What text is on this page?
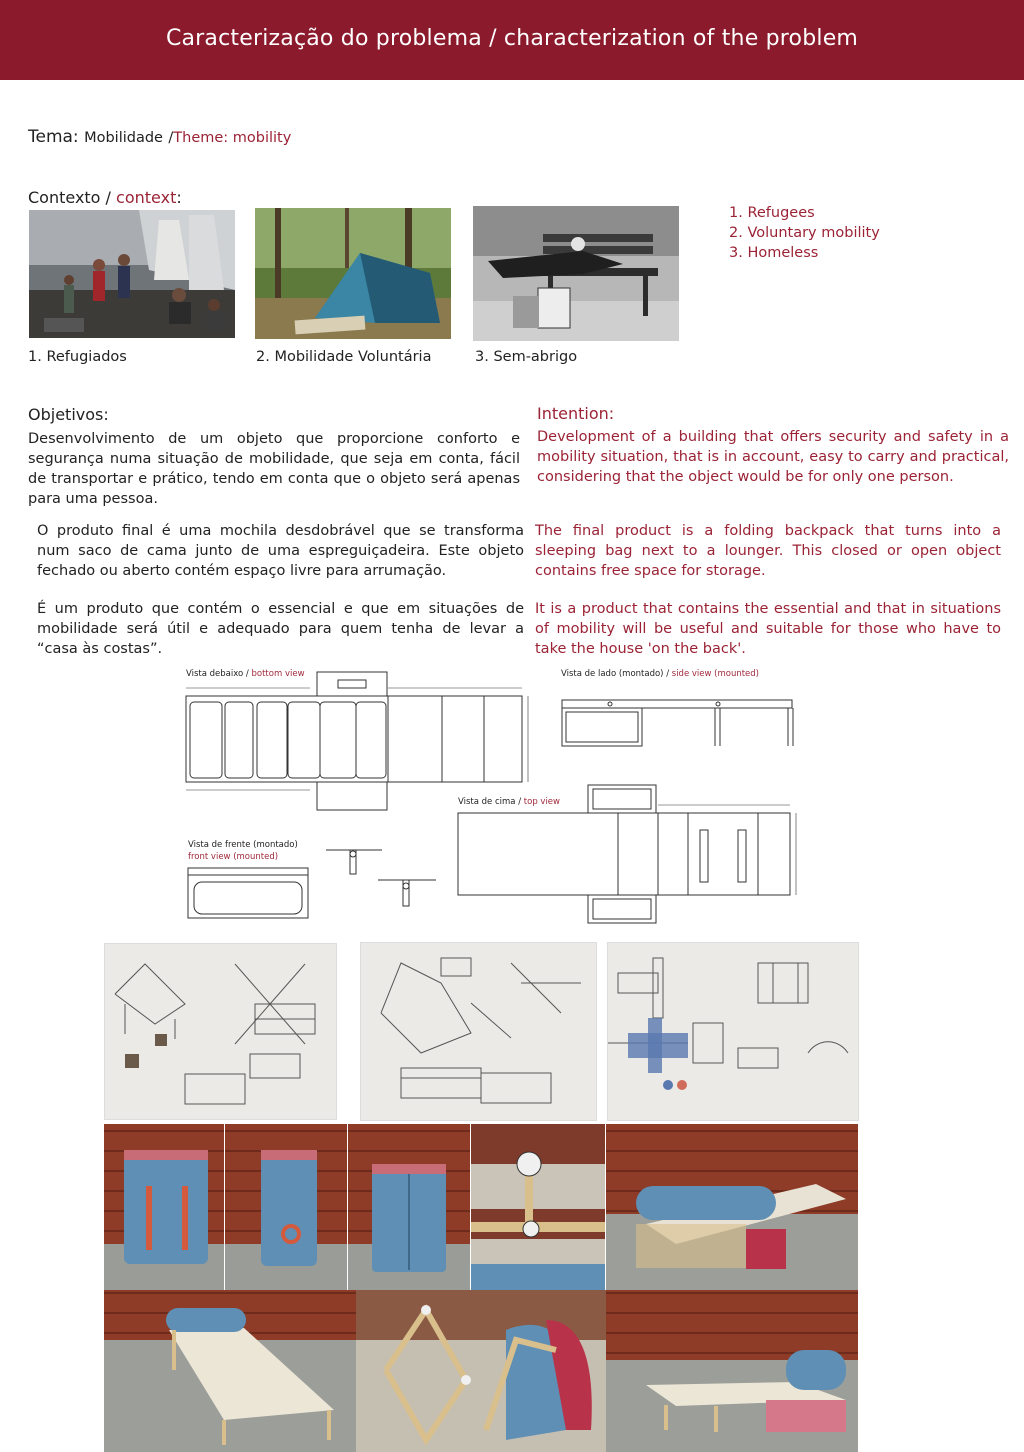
Caracterização do problema / characterization of the problem
Tema: Mobilidade /Theme: mobility
Contexto / context:
1. Refugiados	2. Mobilidade Voluntária	3. Sem-abrigo
1. Refugees
2. Voluntary mobility
3. Homeless
Objetivos:
Desenvolvimento de um objeto que proporcione conforto e segurança numa situação de mobilidade, que seja em conta, fácil de transportar e prático, tendo em conta que o objeto será apenas para uma pessoa.
Intention:
Development of a building that offers security and safety in a mobility situation, that is in account, easy to carry and practical, considering that the object would be for only one person.
O produto final é uma mochila desdobrável que se transforma num saco de cama junto de uma espreguiçadeira. Este objeto fechado ou aberto contém espaço livre para arrumação.
The final product is a folding backpack that turns into a sleeping bag next to a lounger. This closed or open object contains free space for storage.
É um produto que contém o essencial e que em situações de mobilidade será útil e adequado para quem tenha de levar a “casa às costas”.
It is a product that contains the essential and that in situations of mobility will be useful and suitable for those who have to take the house 'on the back'.
Vista debaixo / bottom view	Vista de lado (montado) / side view (mounted)
Vista de cima / top view
Vista de frente (montado)
front view (mounted)
